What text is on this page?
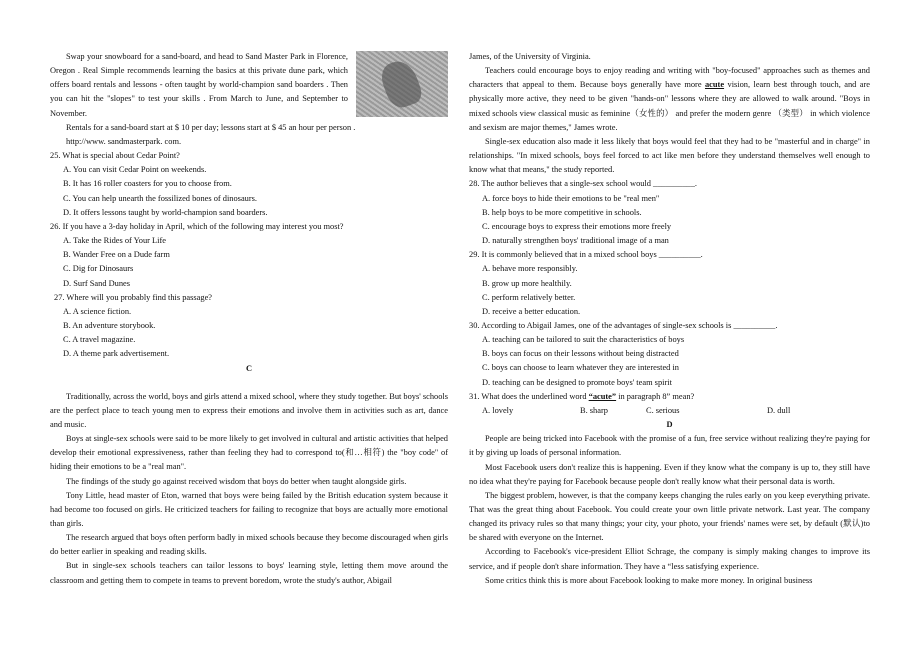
Swap your snowboard for a sand-board, and head to Sand Master Park in Florence, Oregon . Real Simple recommends learning the basics at this private dune park, which offers board rentals and lessons - often taught by world-champion sand boarders . Then you can hit the "slopes" to test your skills . From March to June, and September to November.

Rentals for a sand-board start at $ 10 per day; lessons start at $ 45 an hour per person .

http://www. sandmasterpark. com.

25. What is special about Cedar Point?

A. You can visit Cedar Point on weekends.

B. It has 16 roller coasters for you to choose from.

C. You can help unearth the fossilized bones of dinosaurs.

D. It offers lessons taught by world-champion sand boarders.

26. If you have a 3-day holiday in April, which of the following may interest you most?

A. Take the Rides of Your Life

B. Wander Free on a Dude farm

C. Dig for Dinosaurs

D. Surf Sand Dunes

27. Where will you probably find this passage?

A. A science fiction.

B. An adventure storybook.

C. A travel magazine.

D. A theme park advertisement.

C

Traditionally, across the world, boys and girls attend a mixed school, where they study together. But boys' schools are the perfect place to teach young men to express their emotions and involve them in activities such as art, dance and music.

Boys at single-sex schools were said to be more likely to get involved in cultural and artistic activities that helped develop their emotional expressiveness, rather than feeling they had to correspond to(和…相符) the "boy code" of hiding their emotions to be a "real man".

The findings of the study go against received wisdom that boys do better when taught alongside girls.

Tony Little, head master of Eton, warned that boys were being failed by the British education system because it had become too focused on girls. He criticized teachers for failing to recognize that boys are actually more emotional than girls.

The research argued that boys often perform badly in mixed schools because they become discouraged when girls do better earlier in speaking and reading skills.

But in single-sex schools teachers can tailor lessons to boys' learning style, letting them move around the classroom and getting them to compete in teams to prevent boredom, wrote the study's author, Abigail

James, of the University of Virginia.

Teachers could encourage boys to enjoy reading and writing with "boy-focused" approaches such as themes and characters that appeal to them. Because boys generally have more acute vision, learn best through touch, and are physically more active, they need to be given "hands-on" lessons where they are allowed to walk around. "Boys in mixed schools view classical music as feminine（女性的） and prefer the modern genre （类型） in which violence and sexism are major themes," James wrote.

Single-sex education also made it less likely that boys would feel that they had to be "masterful and in charge" in relationships. "In mixed schools, boys feel forced to act like men before they understand themselves well enough to know what that means," the study reported.

28. The author believes that a single-sex school would __________.

A. force boys to hide their emotions to be "real men"

B. help boys to be more competitive in schools.

C. encourage boys to express their emotions more freely

D. naturally strengthen boys' traditional image of a man

29. It is commonly believed that in a mixed school boys __________.

A. behave more responsibly.

B. grow up more healthily.

C. perform relatively better.

D. receive a better education.

30. According to Abigail James, one of the advantages of single-sex schools is __________.

A. teaching can be tailored to suit the characteristics of boys

B. boys can focus on their lessons without being distracted

C. boys can choose to learn whatever they are interested in

D. teaching can be designed to promote boys' team spirit

31. What does the underlined word “acute” in paragraph 8” mean?

A. lovely	B. sharp	C. serious	D. dull

D

People are being tricked into Facebook with the promise of a fun, free service without realizing they're paying for it by giving up loads of personal information.

Most Facebook users don't realize this is happening. Even if they know what the company is up to, they still have no idea what they're paying for Facebook because people don't really know what their personal data is worth.

The biggest problem, however, is that the company keeps changing the rules early on you keep everything private. That was the great thing about Facebook. You could create your own little private network. Last year. The company changed its privacy rules so that many things; your city, your photo, your friends' names were set, by default (默认)to be shared with everyone on the Internet.

According to Facebook's vice-president Elliot Schrage, the company is simply making changes to improve its service, and if people don't share information. They have a “less satisfying experience.

Some critics think this is more about Facebook looking to make more money. In original business
